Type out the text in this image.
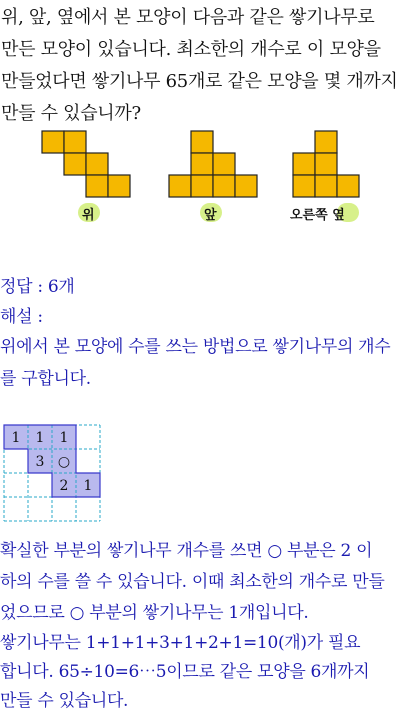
위, 앞, 옆에서 본 모양이 다음과 같은 쌓기나무로
만든 모양이 있습니다. 최소한의 개수로 이 모양을
만들었다면 쌓기나무 65개로 같은 모양을 몇 개까지
만들 수 있습니까?
위	앞	오른쪽 옆
정답 : 6개
해설 :
위에서 본 모양에 수를 쓰는 방법으로 쌓기나무의 개수
를 구합니다.
1 1 1
3 ○
2 1
확실한 부분의 쌓기나무 개수를 쓰면 ○ 부분은 2 이
하의 수를 쓸 수 있습니다. 이때 최소한의 개수로 만들
었으므로 ○ 부분의 쌓기나무는 1개입니다.
쌓기나무는 1+1+1+3+1+2+1=10(개)가 필요
합니다. 65÷10=6⋯5이므로 같은 모양을 6개까지
만들 수 있습니다.
